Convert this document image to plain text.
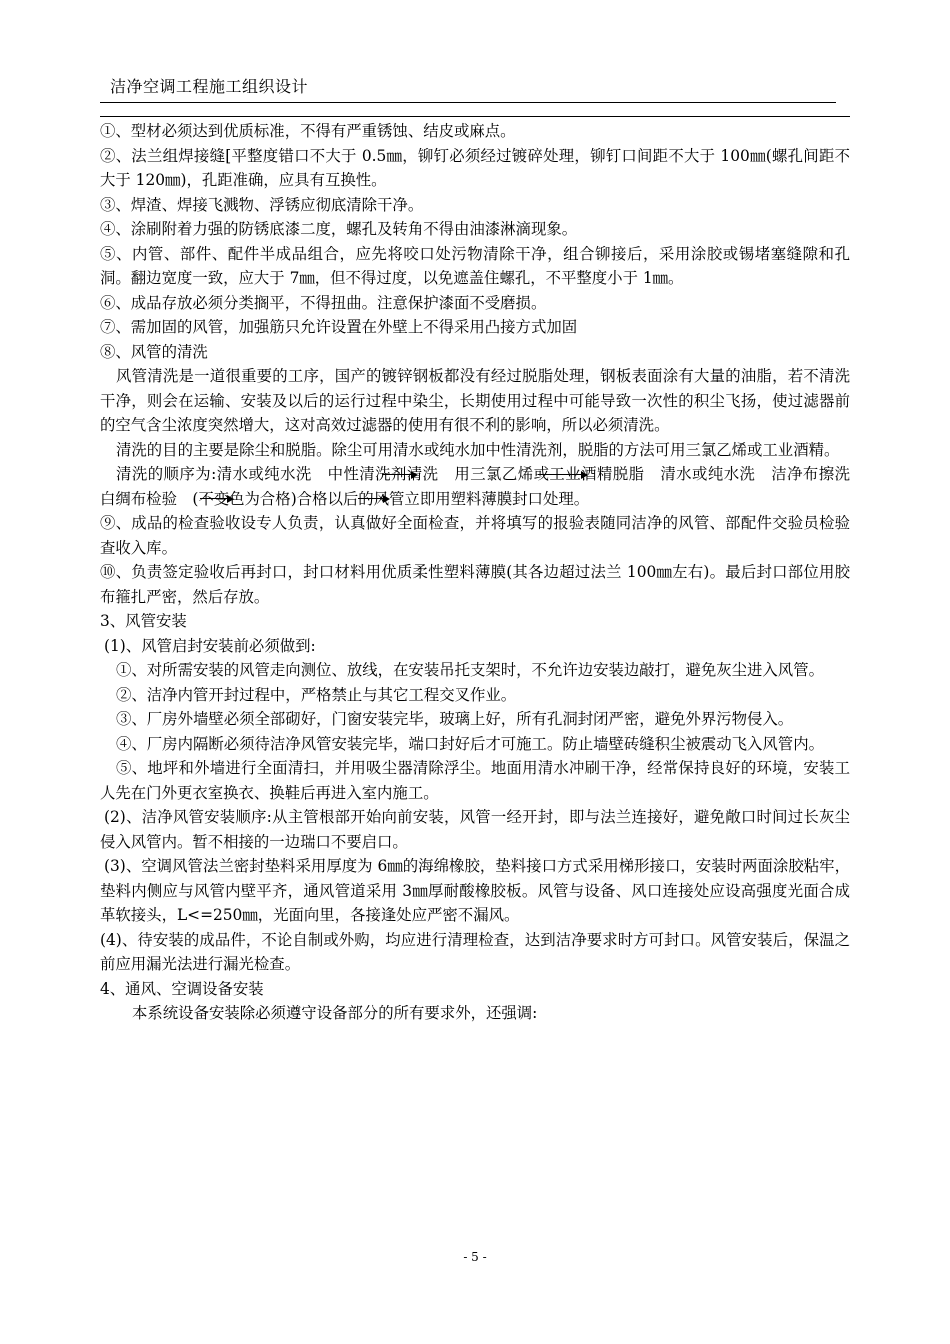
洁净空调工程施工组织设计

①、型材必须达到优质标准，不得有严重锈蚀、结皮或麻点。

②、法兰组焊接缝[平整度错口不大于 0.5㎜，铆钉必须经过镀碎处理，铆钉口间距不大于 100㎜(螺孔间距不大于 120㎜)，孔距准确，应具有互换性。

③、焊渣、焊接飞溅物、浮锈应彻底清除干净。

④、涂刷附着力强的防锈底漆二度，螺孔及转角不得由油漆淋滴现象。

⑤、内管、部件、配件半成品组合，应先将咬口处污物清除干净，组合铆接后，采用涂胶或锡堵塞缝隙和孔洞。翻边宽度一致，应大于 7㎜，但不得过度，以免遮盖住螺孔，不平整度小于 1㎜。

⑥、成品存放必须分类搁平，不得扭曲。注意保护漆面不受磨损。

⑦、需加固的风管，加强筋只允许设置在外壁上不得采用凸接方式加固

⑧、风管的清洗

风管清洗是一道很重要的工序，国产的镀锌钢板都没有经过脱脂处理，钢板表面涂有大量的油脂，若不清洗干净，则会在运输、安装及以后的运行过程中染尘，长期使用过程中可能导致一次性的积尘飞扬，使过滤器前的空气含尘浓度突然增大，这对高效过滤器的使用有很不利的影响，所以必须清洗。

清洗的目的主要是除尘和脱脂。除尘可用清水或纯水加中性清洗剂，脱脂的方法可用三氯乙烯或工业酒精。

清洗的顺序为:清水或纯水洗　中性清洗剂清洗　用三氯乙烯或工业酒精脱脂　清水或纯水洗　洁净布擦洗　白绸布检验　(不变色为合格)合格以后的风管立即用塑料薄膜封口处理。

⑨、成品的检查验收设专人负责，认真做好全面检查，并将填写的报验表随同洁净的风管、部配件交验员检验查收入库。

⑩、负责签定验收后再封口，封口材料用优质柔性塑料薄膜(其各边超过法兰 100㎜左右)。最后封口部位用胶布箍扎严密，然后存放。

3、风管安装

(1)、风管启封安装前必须做到:

①、对所需安装的风管走向测位、放线，在安装吊托支架时，不允许边安装边敲打，避免灰尘进入风管。

②、洁净内管开封过程中，严格禁止与其它工程交叉作业。

③、厂房外墙壁必须全部砌好，门窗安装完毕，玻璃上好，所有孔洞封闭严密，避免外界污物侵入。

④、厂房内隔断必须待洁净风管安装完毕，端口封好后才可施工。防止墙壁砖缝积尘被震动飞入风管内。

⑤、地坪和外墙进行全面清扫，并用吸尘器清除浮尘。地面用清水冲刷干净，经常保持良好的环境，安装工人先在门外更衣室换衣、换鞋后再进入室内施工。

(2)、洁净风管安装顺序:从主管根部开始向前安装，风管一经开封，即与法兰连接好，避免敞口时间过长灰尘侵入风管内。暂不相接的一边瑞口不要启口。

(3)、空调风管法兰密封垫料采用厚度为 6㎜的海绵橡胶，垫料接口方式采用梯形接口，安装时两面涂胶粘牢，垫料内侧应与风管内壁平齐，通风管道采用 3㎜厚耐酸橡胶板。风管与设备、风口连接处应设高强度光面合成革软接头，L<=250㎜，光面向里，各接逢处应严密不漏风。

(4)、待安装的成品件，不论自制或外购，均应进行清理检查，达到洁净要求时方可封口。风管安装后，保温之前应用漏光法进行漏光检查。

4、通风、空调设备安装

本系统设备安装除必须遵守设备部分的所有要求外，还强调:

- 5 -
